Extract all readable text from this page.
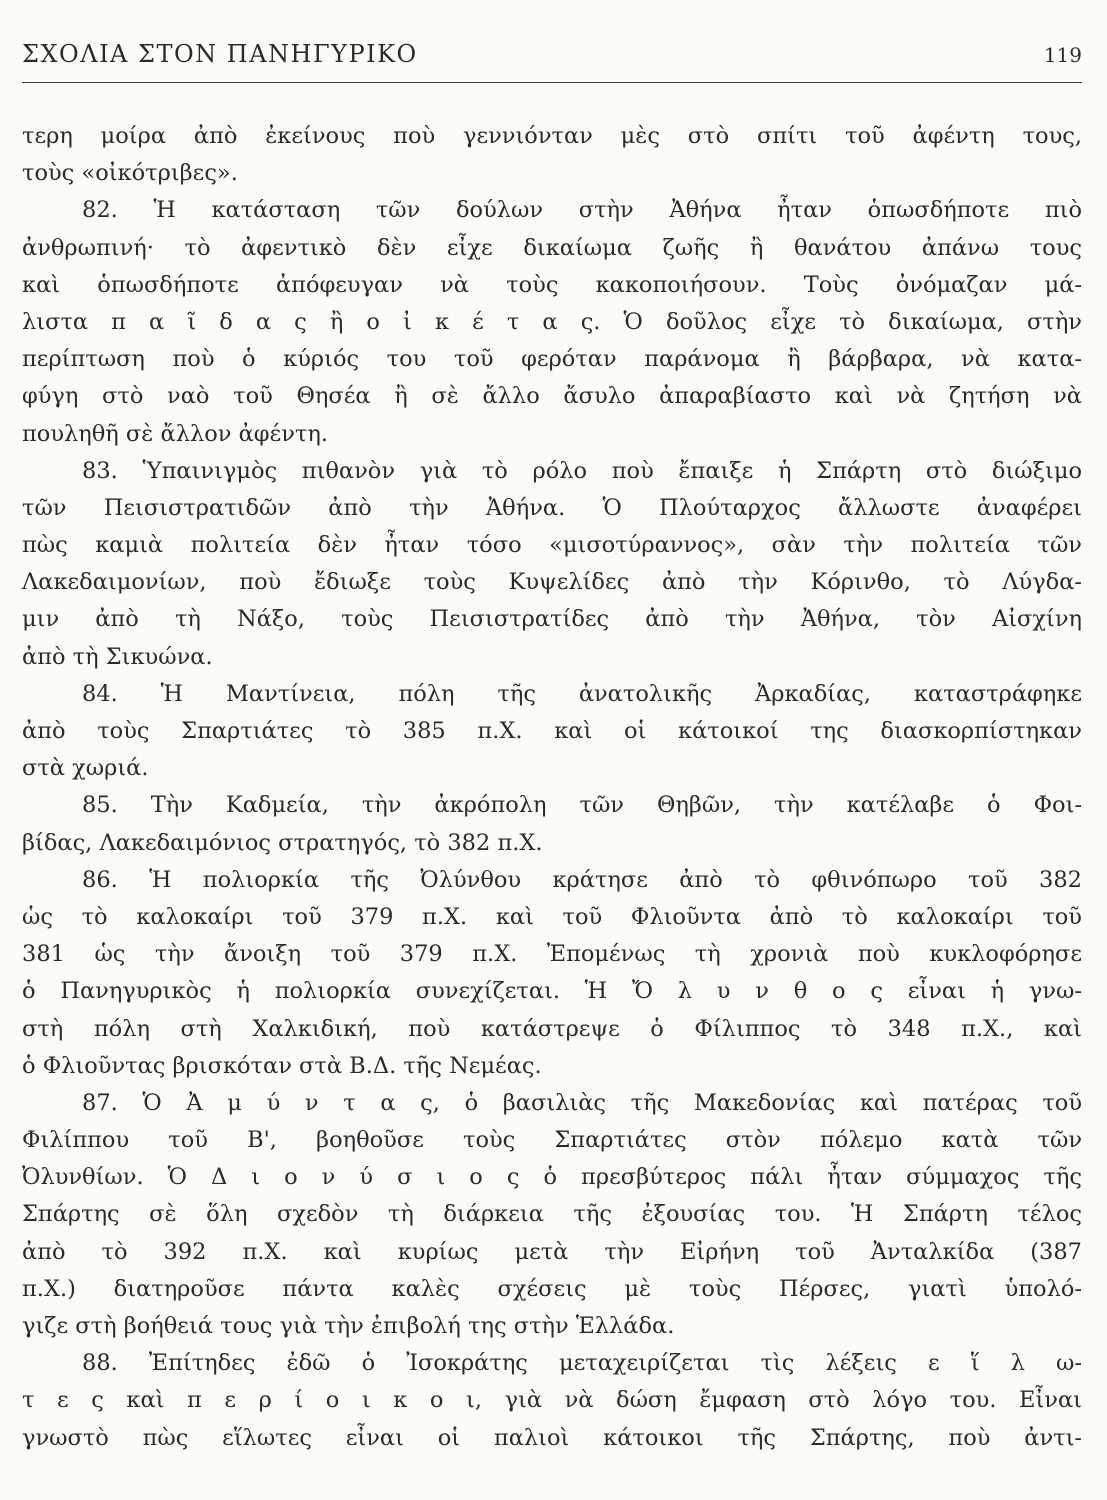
ΣΧΟΛΙΑ ΣΤΟΝ ΠΑΝΗΓΥΡΙΚΟ	119
τερη μοίρα ἀπὸ ἐκείνους ποὺ γεννιόνταν μὲς στὸ σπίτι τοῦ ἀφέντη τους,
τοὺς «οἰκότριβες».
82. Ἡ κατάσταση τῶν δούλων στὴν Ἀθήνα ἦταν ὁπωσδήποτε πιὸ
ἀνθρωπινή· τὸ ἀφεντικὸ δὲν εἶχε δικαίωμα ζωῆς ἢ θανάτου ἀπάνω τους
καὶ ὁπωσδήποτε ἀπόφευγαν νὰ τοὺς κακοποιήσουν. Τοὺς ὀνόμαζαν μά-
λιστα π α ῖ δ α ς ἢ ο ἰ κ έ τ α ς. Ὁ δοῦλος εἶχε τὸ δικαίωμα, στὴν
περίπτωση ποὺ ὁ κύριός του τοῦ φερόταν παράνομα ἢ βάρβαρα, νὰ κατα-
φύγη στὸ ναὸ τοῦ Θησέα ἢ σὲ ἄλλο ἄσυλο ἀπαραβίαστο καὶ νὰ ζητήση νὰ
πουληθῆ σὲ ἄλλον ἀφέντη.
83. Ὑπαινιγμὸς πιθανὸν γιὰ τὸ ρόλο ποὺ ἔπαιξε ἡ Σπάρτη στὸ διώξιμο
τῶν Πεισιστρατιδῶν ἀπὸ τὴν Ἀθήνα. Ὁ Πλούταρχος ἄλλωστε ἀναφέρει
πὼς καμιὰ πολιτεία δὲν ἦταν τόσο «μισοτύραννος», σὰν τὴν πολιτεία τῶν
Λακεδαιμονίων, ποὺ ἔδιωξε τοὺς Κυψελίδες ἀπὸ τὴν Κόρινθο, τὸ Λύγδα-
μιν ἀπὸ τὴ Νάξο, τοὺς Πεισιστρατίδες ἀπὸ τὴν Ἀθήνα, τὸν Αἰσχίνη
ἀπὸ τὴ Σικυώνα.
84. Ἡ Μαντίνεια, πόλη τῆς ἀνατολικῆς Ἀρκαδίας, καταστράφηκε
ἀπὸ τοὺς Σπαρτιάτες τὸ 385 π.Χ. καὶ οἱ κάτοικοί της διασκορπίστηκαν
στὰ χωριά.
85. Τὴν Καδμεία, τὴν ἀκρόπολη τῶν Θηβῶν, τὴν κατέλαβε ὁ Φοι-
βίδας, Λακεδαιμόνιος στρατηγός, τὸ 382 π.Χ.
86. Ἡ πολιορκία τῆς Ὀλύνθου κράτησε ἀπὸ τὸ φθινόπωρο τοῦ 382
ὡς τὸ καλοκαίρι τοῦ 379 π.Χ. καὶ τοῦ Φλιοῦντα ἀπὸ τὸ καλοκαίρι τοῦ
381 ὡς τὴν ἄνοιξη τοῦ 379 π.Χ. Ἐπομένως τὴ χρονιὰ ποὺ κυκλοφόρησε
ὁ Πανηγυρικὸς ἡ πολιορκία συνεχίζεται. Ἡ Ὄ λ υ ν θ ο ς εἶναι ἡ γνω-
στὴ πόλη στὴ Χαλκιδική, ποὺ κατάστρεψε ὁ Φίλιππος τὸ 348 π.Χ., καὶ
ὁ Φλιοῦντας βρισκόταν στὰ Β.Δ. τῆς Νεμέας.
87. Ὁ Ἀ μ ύ ν τ α ς, ὁ βασιλιὰς τῆς Μακεδονίας καὶ πατέρας τοῦ
Φιλίππου τοῦ Β', βοηθοῦσε τοὺς Σπαρτιάτες στὸν πόλεμο κατὰ τῶν
Ὀλυνθίων. Ὁ Δ ι ο ν ύ σ ι ο ς ὁ πρεσβύτερος πάλι ἦταν σύμμαχος τῆς
Σπάρτης σὲ ὅλη σχεδὸν τὴ διάρκεια τῆς ἐξουσίας του. Ἡ Σπάρτη τέλος
ἀπὸ τὸ 392 π.Χ. καὶ κυρίως μετὰ τὴν Εἰρήνη τοῦ Ἀνταλκίδα (387
π.Χ.) διατηροῦσε πάντα καλὲς σχέσεις μὲ τοὺς Πέρσες, γιατὶ ὑπολό-
γιζε στὴ βοήθειά τους γιὰ τὴν ἐπιβολή της στὴν Ἑλλάδα.
88. Ἐπίτηδες ἐδῶ ὁ Ἰσοκράτης μεταχειρίζεται τὶς λέξεις ε ἵ λ ω-
τ ε ς καὶ π ε ρ ί ο ι κ ο ι, γιὰ νὰ δώση ἔμφαση στὸ λόγο του. Εἶναι
γνωστὸ πὼς εἵλωτες εἶναι οἱ παλιοὶ κάτοικοι τῆς Σπάρτης, ποὺ ἀντι-
